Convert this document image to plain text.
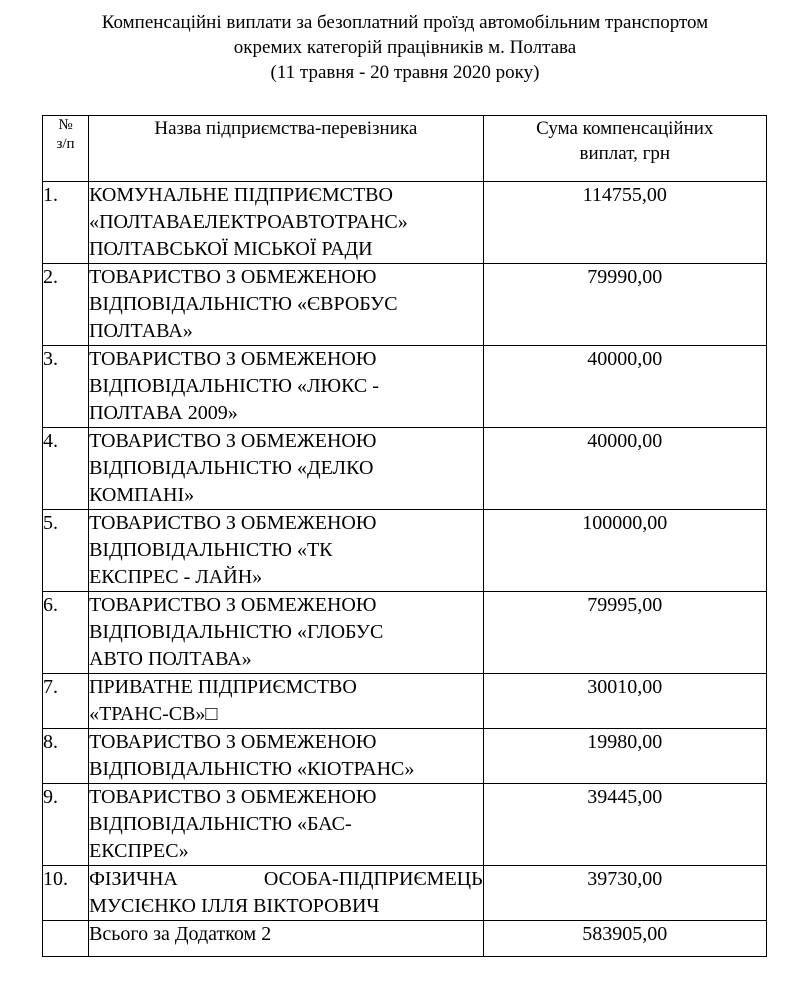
Компенсаційні виплати за безоплатний проїзд автомобільним транспортом
окремих категорій працівників м. Полтава
(11 травня - 20 травня 2020 року)
№
з/п	Назва підприємства-перевізника	Сума компенсаційних
виплат, грн

1.	КОМУНАЛЬНЕ ПІДПРИЄМСТВО
«ПОЛТАВАЕЛЕКТРОАВТОТРАНС»
ПОЛТАВСЬКОЇ МІСЬКОЇ РАДИ	114755,00
2.	ТОВАРИСТВО З ОБМЕЖЕНОЮ
ВІДПОВІДАЛЬНІСТЮ «ЄВРОБУС
ПОЛТАВА»	79990,00
3.	ТОВАРИСТВО З ОБМЕЖЕНОЮ
ВІДПОВІДАЛЬНІСТЮ «ЛЮКС -
ПОЛТАВА 2009»	40000,00
4.	ТОВАРИСТВО З ОБМЕЖЕНОЮ
ВІДПОВІДАЛЬНІСТЮ «ДЕЛКО
КОМПАНІ»	40000,00
5.	ТОВАРИСТВО З ОБМЕЖЕНОЮ
ВІДПОВІДАЛЬНІСТЮ «ТК
ЕКСПРЕС - ЛАЙН»	100000,00
6.	ТОВАРИСТВО З ОБМЕЖЕНОЮ
ВІДПОВІДАЛЬНІСТЮ «ГЛОБУС
АВТО ПОЛТАВА»	79995,00
7.	ПРИВАТНЕ ПІДПРИЄМСТВО
«ТРАНС-СВ»□	30010,00
8.	ТОВАРИСТВО З ОБМЕЖЕНОЮ
ВІДПОВІДАЛЬНІСТЮ «КІОТРАНС»	19980,00
9.	ТОВАРИСТВО З ОБМЕЖЕНОЮ
ВІДПОВІДАЛЬНІСТЮ «БАС-
ЕКСПРЕС»	39445,00
10.	ФІЗИЧНА ОСОБА-ПІДПРИЄМЕЦЬ
МУСІЄНКО ІЛЛЯ ВІКТОРОВИЧ	39730,00
	Всього за Додатком 2	583905,00
